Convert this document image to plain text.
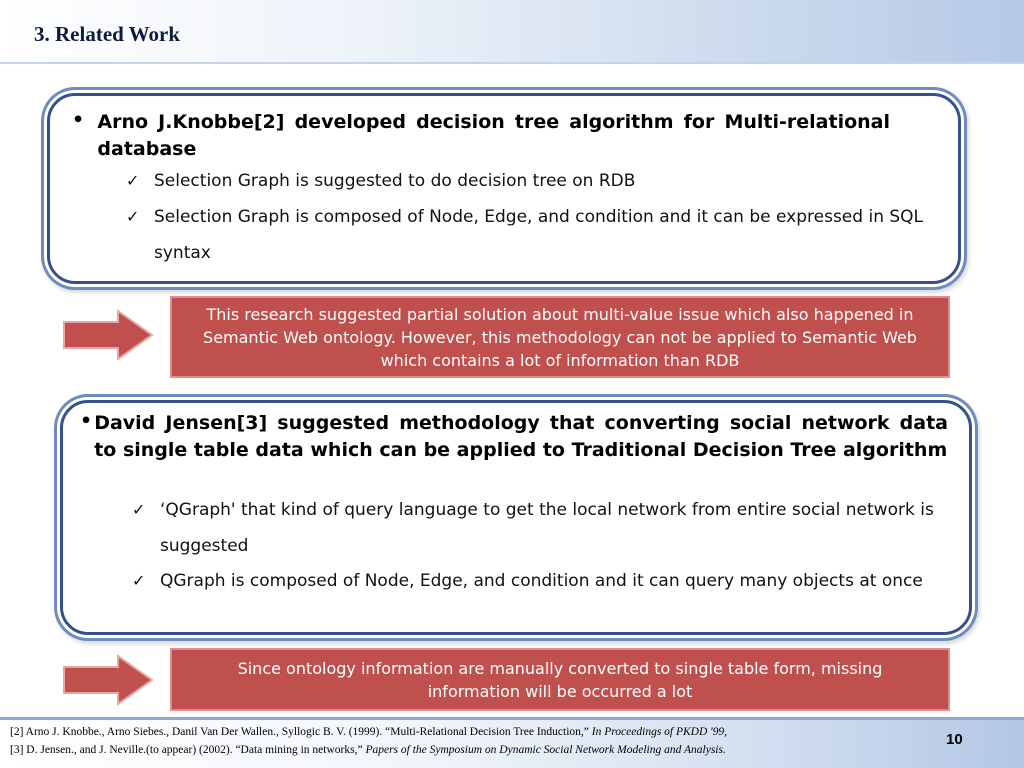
3. Related Work
• Arno J.Knobbe[2] developed decision tree algorithm for Multi-relational database
✓ Selection Graph is suggested to do decision tree on RDB
✓ Selection Graph is composed of Node, Edge, and condition and it can be expressed in SQL syntax
This research suggested partial solution about multi-value issue which also happened in Semantic Web ontology. However, this methodology can not be applied to Semantic Web which contains a lot of information than RDB
• David Jensen[3] suggested methodology that converting social network data to single table data which can be applied to Traditional Decision Tree algorithm
✓ ‘QGraph' that kind of query language to get the local network from entire social network is suggested
✓ QGraph is composed of Node, Edge, and condition and it can query many objects at once
Since ontology information are manually converted to single table form, missing information will be occurred a lot
[2] Arno J. Knobbe., Arno Siebes., Danil Van Der Wallen., Syllogic B. V. (1999). “Multi-Relational Decision Tree Induction,” In Proceedings of PKDD '99,
[3] D. Jensen., and J. Neville.(to appear) (2002). “Data mining in networks,” Papers of the Symposium on Dynamic Social Network Modeling and Analysis.
10
